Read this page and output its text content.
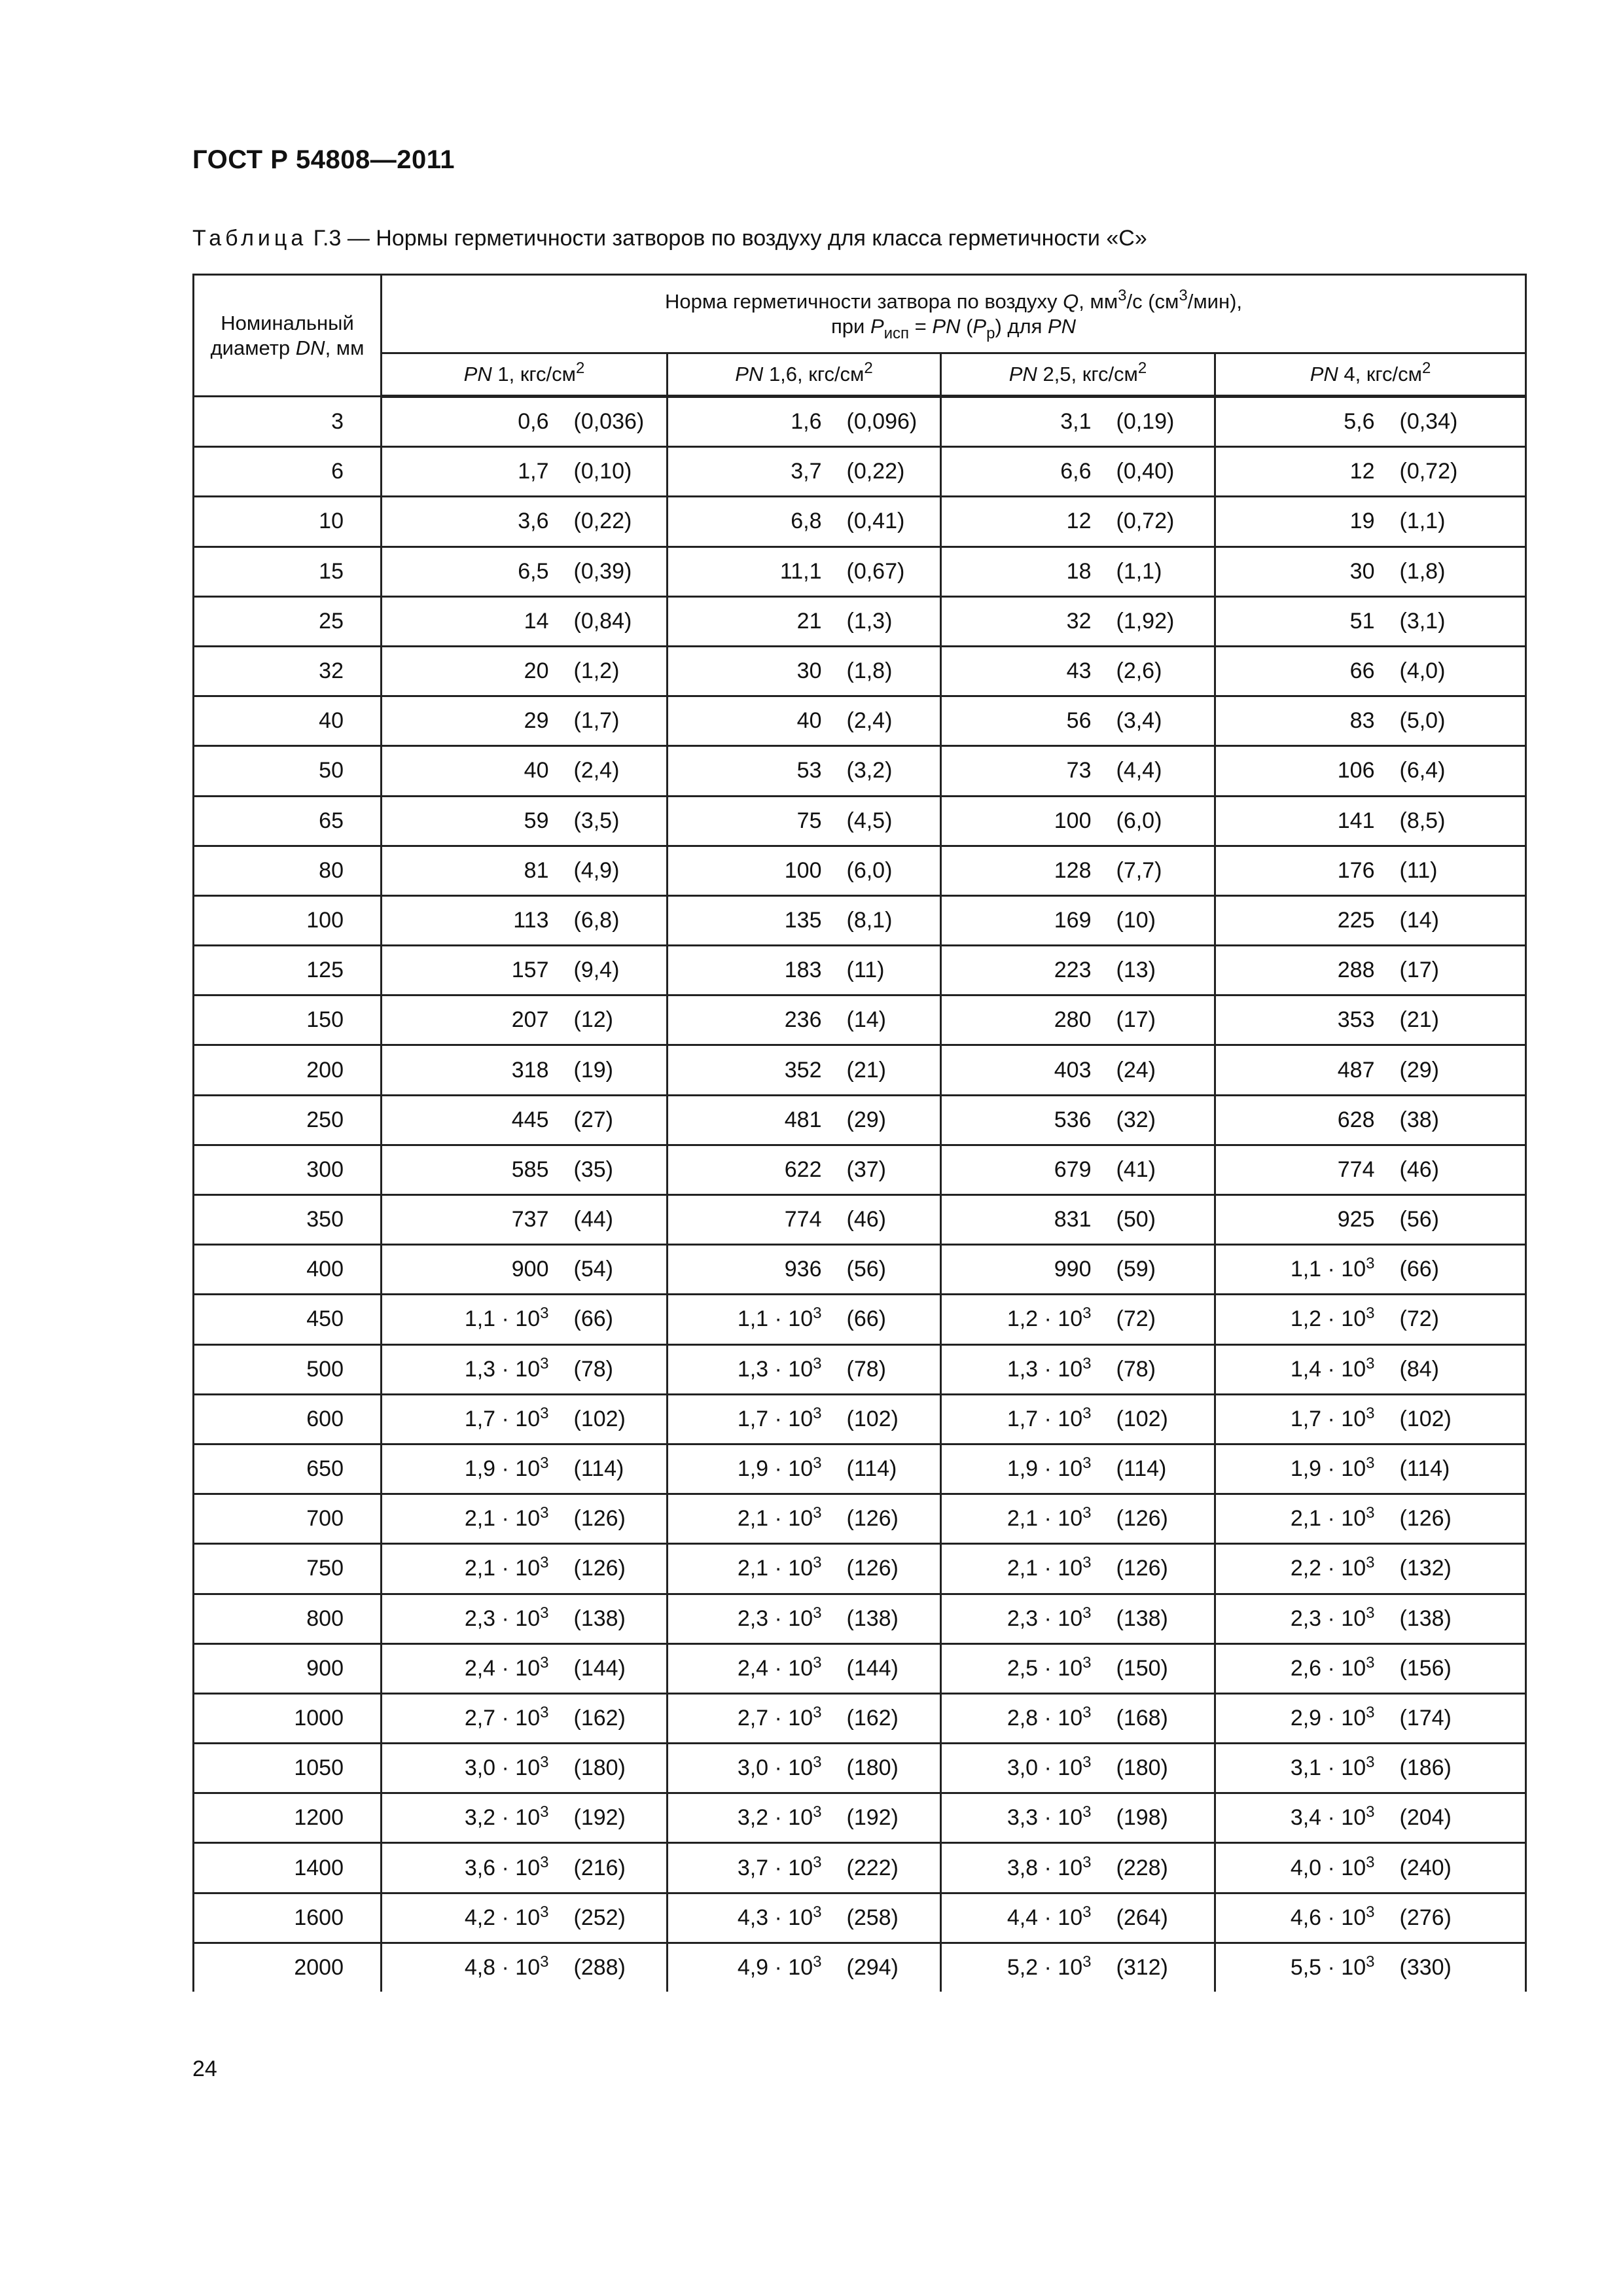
ГОСТ Р 54808—2011
Таблица Г.3 — Нормы герметичности затворов по воздуху для класса герметичности «С»
Номинальный
диаметр DN, мм	Норма герметичности затвора по воздуху Q, $мм^3/с$ $(см^3/мин)$,
при $P_{исп}$ = PN $(P_р)$ для PN							
	PN 1, кгс/$см^2$		PN 1,6, кгс/$см^2$		PN 2,5, кгс/$см^2$		PN 4, кгс/$см^2$
3	0,6	(0,036)	1,6	(0,096)	3,1	(0,19)	5,6	(0,34)
6	1,7	(0,10)	3,7	(0,22)	6,6	(0,40)	12	(0,72)
10	3,6	(0,22)	6,8	(0,41)	12	(0,72)	19	(1,1)
15	6,5	(0,39)	11,1	(0,67)	18	(1,1)	30	(1,8)
25	14	(0,84)	21	(1,3)	32	(1,92)	51	(3,1)
32	20	(1,2)	30	(1,8)	43	(2,6)	66	(4,0)
40	29	(1,7)	40	(2,4)	56	(3,4)	83	(5,0)
50	40	(2,4)	53	(3,2)	73	(4,4)	106	(6,4)
65	59	(3,5)	75	(4,5)	100	(6,0)	141	(8,5)
80	81	(4,9)	100	(6,0)	128	(7,7)	176	(11)
100	113	(6,8)	135	(8,1)	169	(10)	225	(14)
125	157	(9,4)	183	(11)	223	(13)	288	(17)
150	207	(12)	236	(14)	280	(17)	353	(21)
200	318	(19)	352	(21)	403	(24)	487	(29)
250	445	(27)	481	(29)	536	(32)	628	(38)
300	585	(35)	622	(37)	679	(41)	774	(46)
350	737	(44)	774	(46)	831	(50)	925	(56)
400	900	(54)	936	(56)	990	(59)	$1,1 \cdot 10^3$	(66)
450	$1,1 \cdot 10^3$	(66)	$1,1 \cdot 10^3$	(66)	$1,2 \cdot 10^3$	(72)	$1,2 \cdot 10^3$	(72)
500	$1,3 \cdot 10^3$	(78)	$1,3 \cdot 10^3$	(78)	$1,3 \cdot 10^3$	(78)	$1,4 \cdot 10^3$	(84)
600	$1,7 \cdot 10^3$	(102)	$1,7 \cdot 10^3$	(102)	$1,7 \cdot 10^3$	(102)	$1,7 \cdot 10^3$	(102)
650	$1,9 \cdot 10^3$	(114)	$1,9 \cdot 10^3$	(114)	$1,9 \cdot 10^3$	(114)	$1,9 \cdot 10^3$	(114)
700	$2,1 \cdot 10^3$	(126)	$2,1 \cdot 10^3$	(126)	$2,1 \cdot 10^3$	(126)	$2,1 \cdot 10^3$	(126)
750	$2,1 \cdot 10^3$	(126)	$2,1 \cdot 10^3$	(126)	$2,1 \cdot 10^3$	(126)	$2,2 \cdot 10^3$	(132)
800	$2,3 \cdot 10^3$	(138)	$2,3 \cdot 10^3$	(138)	$2,3 \cdot 10^3$	(138)	$2,3 \cdot 10^3$	(138)
900	$2,4 \cdot 10^3$	(144)	$2,4 \cdot 10^3$	(144)	$2,5 \cdot 10^3$	(150)	$2,6 \cdot 10^3$	(156)
1000	$2,7 \cdot 10^3$	(162)	$2,7 \cdot 10^3$	(162)	$2,8 \cdot 10^3$	(168)	$2,9 \cdot 10^3$	(174)
1050	$3,0 \cdot 10^3$	(180)	$3,0 \cdot 10^3$	(180)	$3,0 \cdot 10^3$	(180)	$3,1 \cdot 10^3$	(186)
1200	$3,2 \cdot 10^3$	(192)	$3,2 \cdot 10^3$	(192)	$3,3 \cdot 10^3$	(198)	$3,4 \cdot 10^3$	(204)
1400	$3,6 \cdot 10^3$	(216)	$3,7 \cdot 10^3$	(222)	$3,8 \cdot 10^3$	(228)	$4,0 \cdot 10^3$	(240)
1600	$4,2 \cdot 10^3$	(252)	$4,3 \cdot 10^3$	(258)	$4,4 \cdot 10^3$	(264)	$4,6 \cdot 10^3$	(276)
2000	$4,8 \cdot 10^3$	(288)	$4,9 \cdot 10^3$	(294)	$5,2 \cdot 10^3$	(312)	$5,5 \cdot 10^3$	(330)
24
